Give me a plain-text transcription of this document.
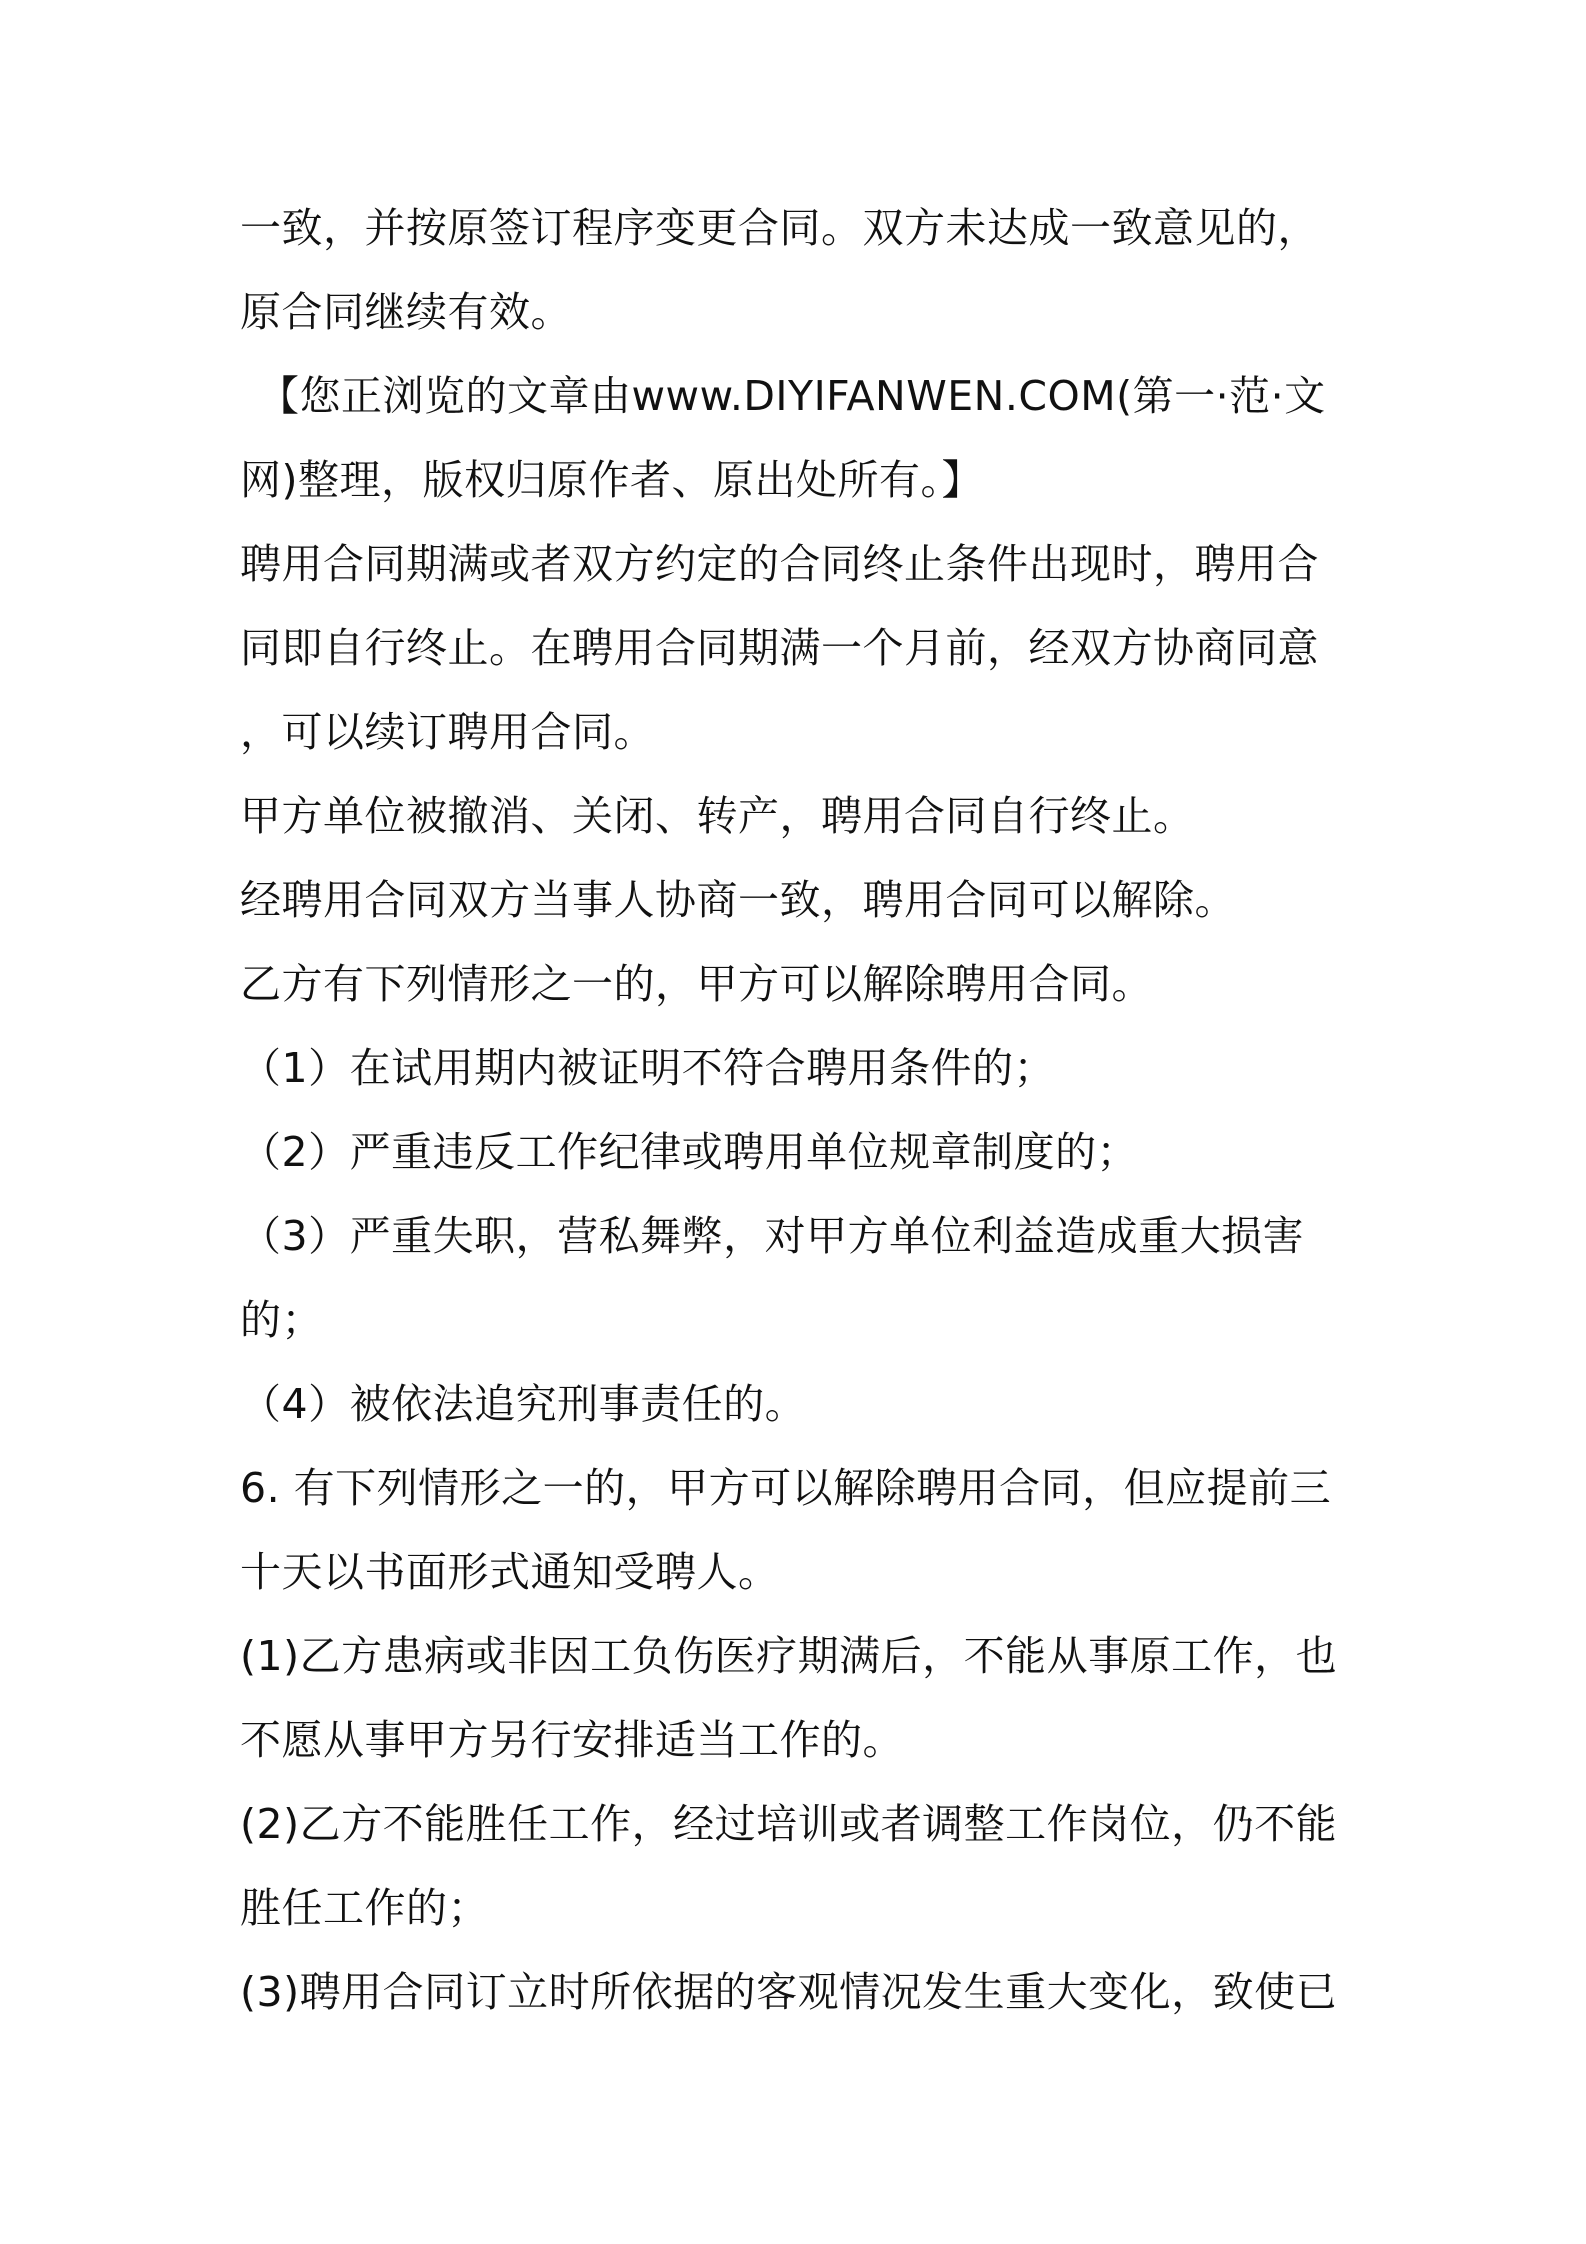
一致，并按原签订程序变更合同。双方未达成一致意见的，
原合同继续有效。
【您正浏览的文章由www.DIYIFANWEN.COM(第一·范·文
网)整理，版权归原作者、原出处所有。】
聘用合同期满或者双方约定的合同终止条件出现时，聘用合
同即自行终止。在聘用合同期满一个月前，经双方协商同意
，可以续订聘用合同。
甲方单位被撤消、关闭、转产，聘用合同自行终止。
经聘用合同双方当事人协商一致，聘用合同可以解除。
乙方有下列情形之一的，甲方可以解除聘用合同。
（1）在试用期内被证明不符合聘用条件的；
（2）严重违反工作纪律或聘用单位规章制度的；
（3）严重失职，营私舞弊，对甲方单位利益造成重大损害
的；
（4）被依法追究刑事责任的。
6. 有下列情形之一的，甲方可以解除聘用合同，但应提前三
十天以书面形式通知受聘人。
(1)乙方患病或非因工负伤医疗期满后，不能从事原工作，也
不愿从事甲方另行安排适当工作的。
(2)乙方不能胜任工作，经过培训或者调整工作岗位，仍不能
胜任工作的；
(3)聘用合同订立时所依据的客观情况发生重大变化，致使已
